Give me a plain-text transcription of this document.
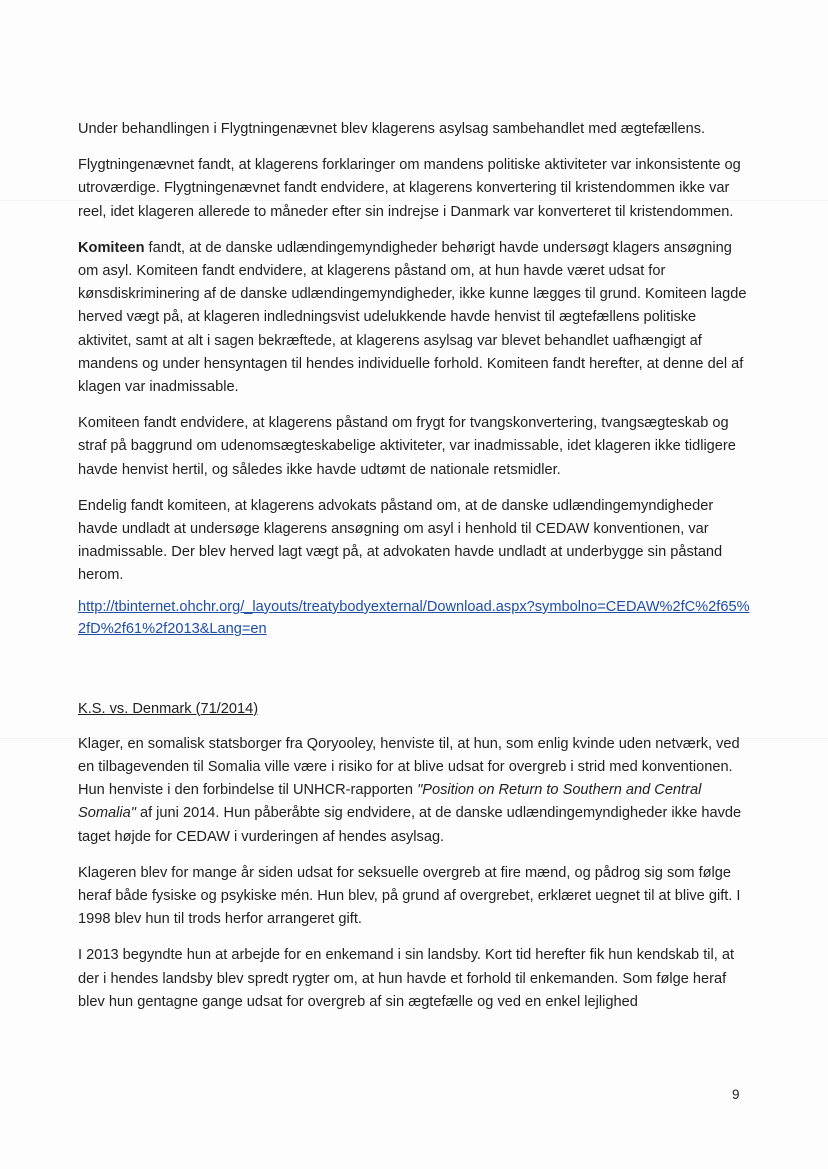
Under behandlingen i Flygtningenævnet blev klagerens asylsag sambehandlet med ægtefællens.

Flygtningenævnet fandt, at klagerens forklaringer om mandens politiske aktiviteter var inkonsistente og utroværdige. Flygtningenævnet fandt endvidere, at klagerens konvertering til kristendommen ikke var reel, idet klageren allerede to måneder efter sin indrejse i Danmark var konverteret til kristendommen.

Komiteen fandt, at de danske udlændingemyndigheder behørigt havde undersøgt klagers ansøgning om asyl. Komiteen fandt endvidere, at klagerens påstand om, at hun havde været udsat for kønsdiskriminering af de danske udlændingemyndigheder, ikke kunne lægges til grund. Komiteen lagde herved vægt på, at klageren indledningsvist udelukkende havde henvist til ægtefællens politiske aktivitet, samt at alt i sagen bekræftede, at klagerens asylsag var blevet behandlet uafhængigt af mandens og under hensyntagen til hendes individuelle forhold. Komiteen fandt herefter, at denne del af klagen var inadmissable.

Komiteen fandt endvidere, at klagerens påstand om frygt for tvangskonvertering, tvangsægteskab og straf på baggrund om udenomsægteskabelige aktiviteter, var inadmissable, idet klageren ikke tidligere havde henvist hertil, og således ikke havde udtømt de nationale retsmidler.

Endelig fandt komiteen, at klagerens advokats påstand om, at de danske udlændingemyndigheder havde undladt at undersøge klagerens ansøgning om asyl i henhold til CEDAW konventionen, var inadmissable. Der blev herved lagt vægt på, at advokaten havde undladt at underbygge sin påstand herom.

http://tbinternet.ohchr.org/_layouts/treatybodyexternal/Download.aspx?symbolno=CEDAW%2fC%2f65%2fD%2f61%2f2013&Lang=en
K.S. vs. Denmark (71/2014)

Klager, en somalisk statsborger fra Qoryooley, henviste til, at hun, som enlig kvinde uden netværk, ved en tilbagevenden til Somalia ville være i risiko for at blive udsat for overgreb i strid med konventionen. Hun henviste i den forbindelse til UNHCR-rapporten "Position on Return to Southern and Central Somalia" af juni 2014. Hun påberåbte sig endvidere, at de danske udlændingemyndigheder ikke havde taget højde for CEDAW i vurderingen af hendes asylsag.

Klageren blev for mange år siden udsat for seksuelle overgreb at fire mænd, og pådrog sig som følge heraf både fysiske og psykiske mén. Hun blev, på grund af overgrebet, erklæret uegnet til at blive gift. I 1998 blev hun til trods herfor arrangeret gift.

I 2013 begyndte hun at arbejde for en enkemand i sin landsby. Kort tid herefter fik hun kendskab til, at der i hendes landsby blev spredt rygter om, at hun havde et forhold til enkemanden. Som følge heraf blev hun gentagne gange udsat for overgreb af sin ægtefælle og ved en enkel lejlighed

9
